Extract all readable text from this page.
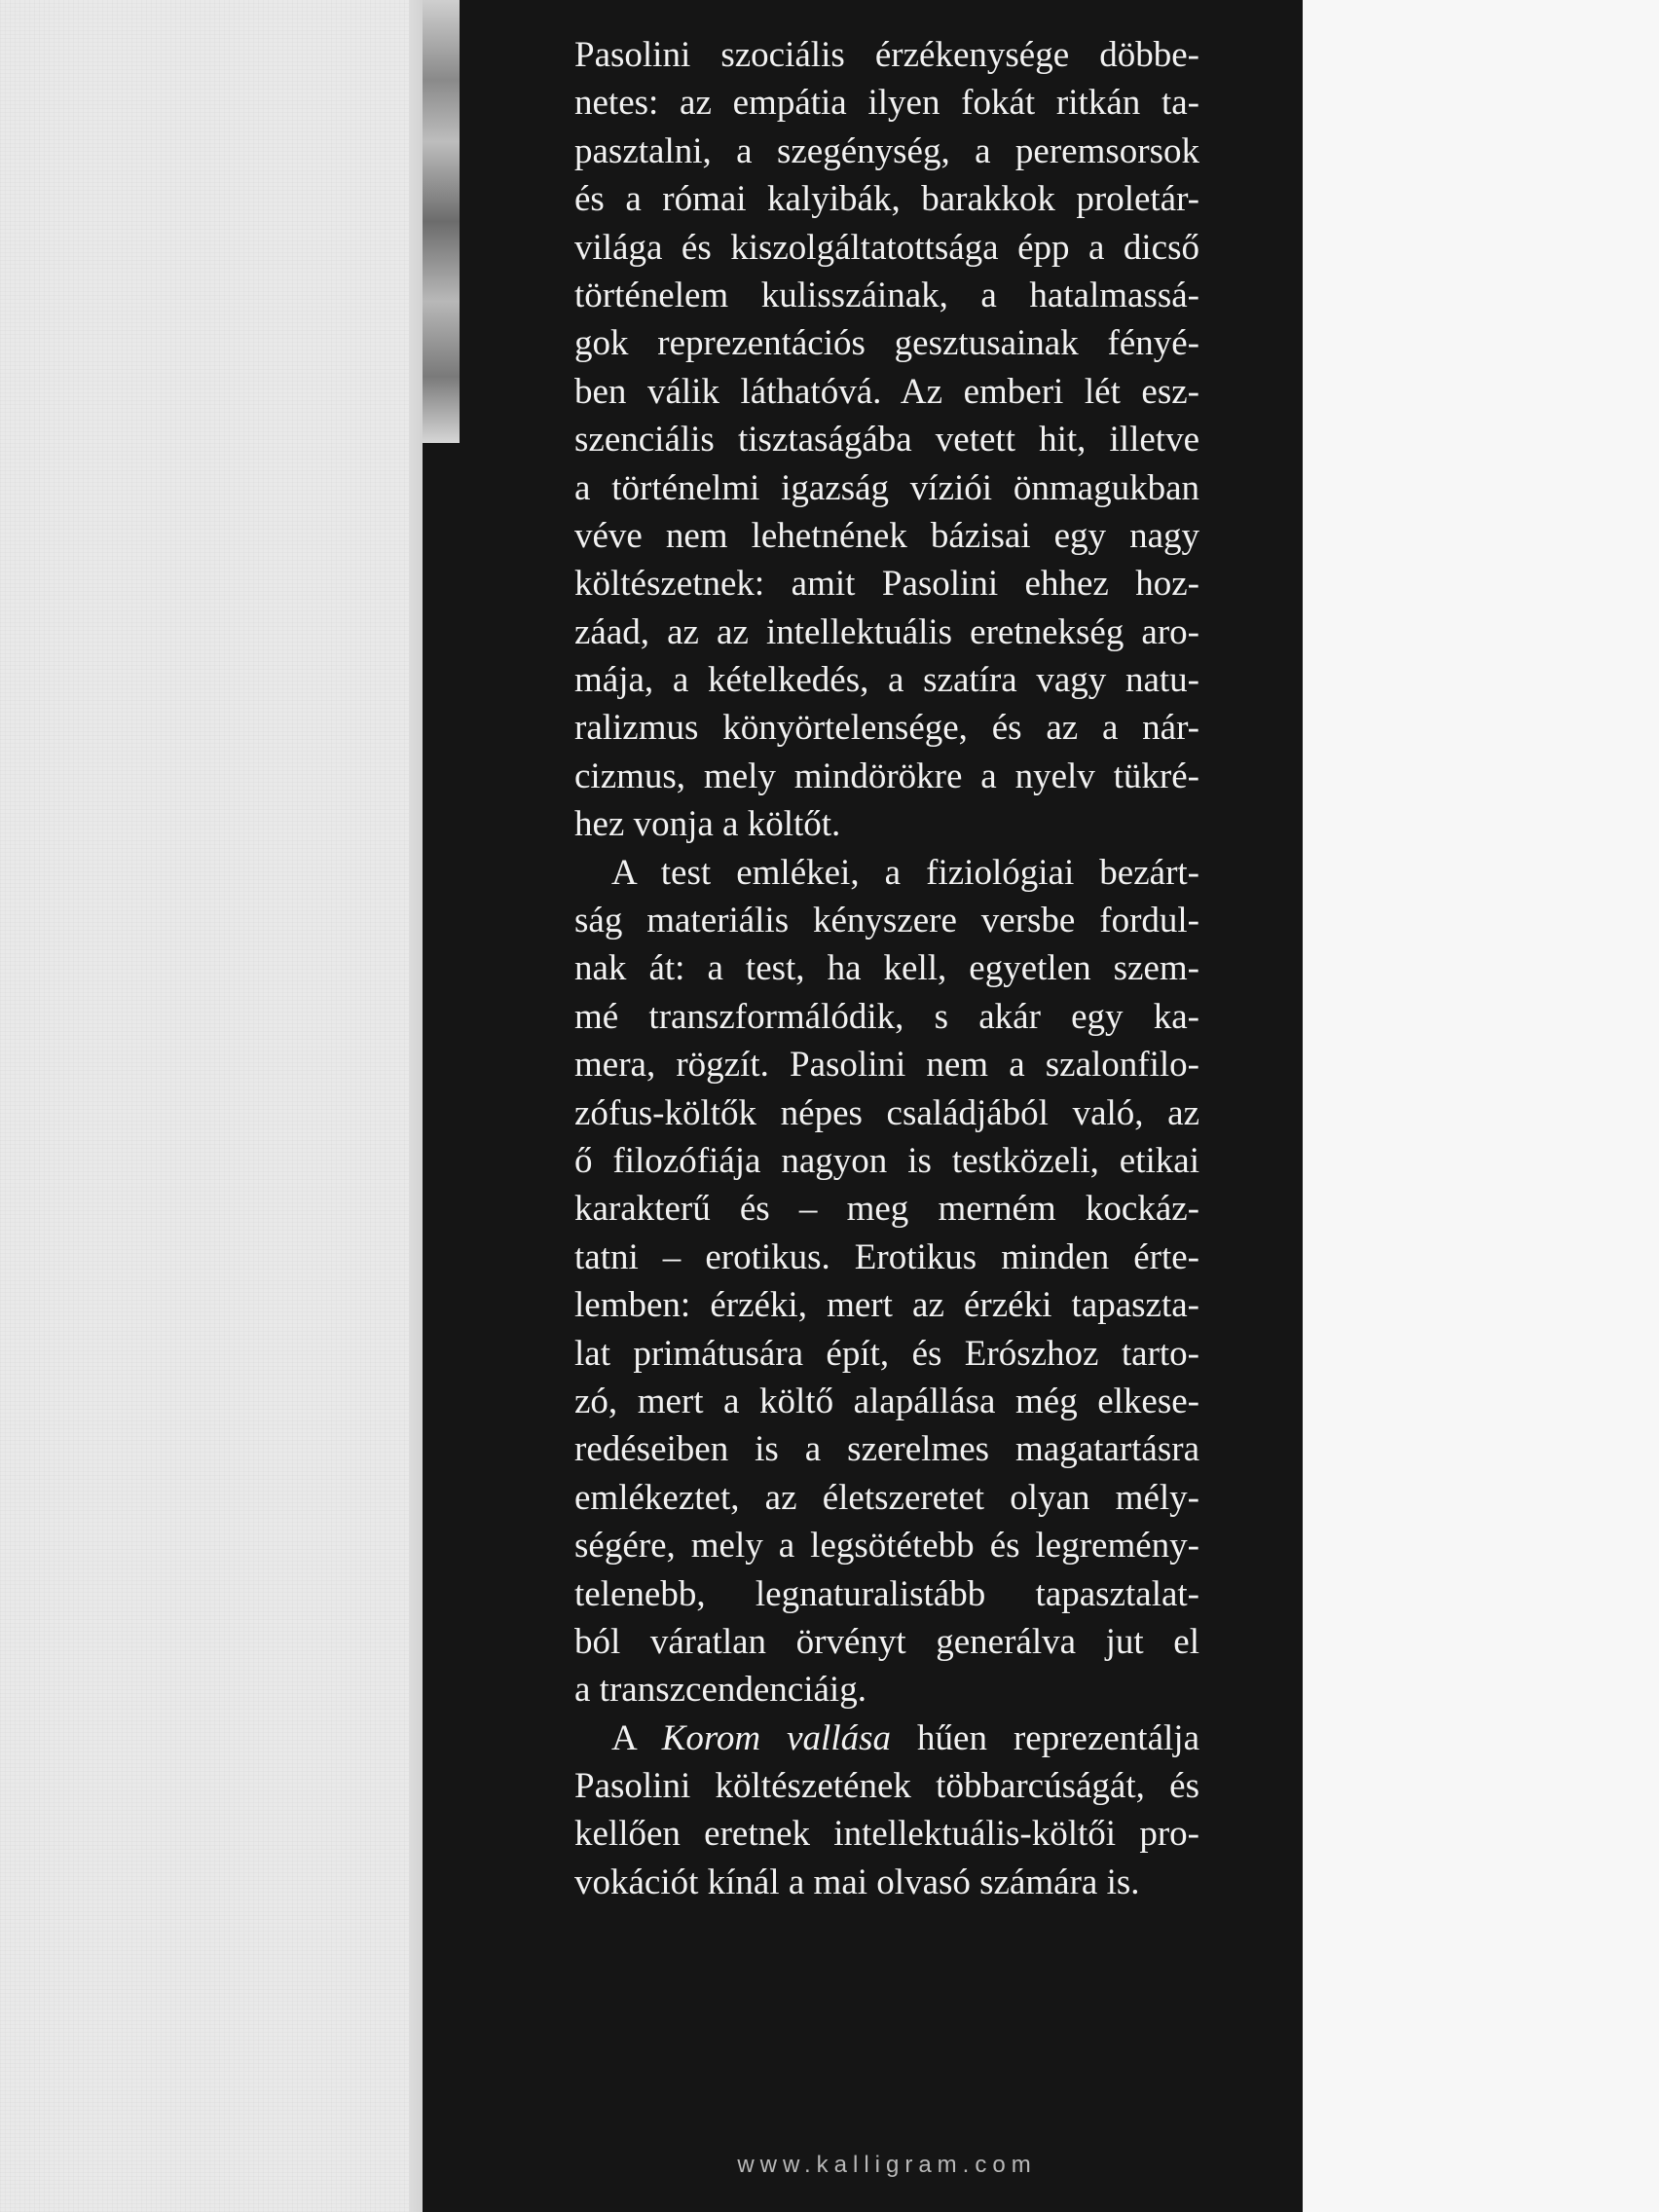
Pasolini szociális érzékenysége döbbe-
netes: az empátia ilyen fokát ritkán ta-
pasztalni, a szegénység, a peremsorsok
és a római kalyibák, barakkok proletár-
világa és kiszolgáltatottsága épp a dicső
történelem kulisszáinak, a hatalmassá-
gok reprezentációs gesztusainak fényé-
ben válik láthatóvá. Az emberi lét esz-
szenciális tisztaságába vetett hit, illetve
a történelmi igazság víziói önmagukban
véve nem lehetnének bázisai egy nagy
költészetnek: amit Pasolini ehhez hoz-
záad, az az intellektuális eretnekség aro-
mája, a kételkedés, a szatíra vagy natu-
ralizmus könyörtelensége, és az a nár-
cizmus, mely mindörökre a nyelv tükré-
hez vonja a költőt.
A test emlékei, a fiziológiai bezárt-
ság materiális kényszere versbe fordul-
nak át: a test, ha kell, egyetlen szem-
mé transzformálódik, s akár egy ka-
mera, rögzít. Pasolini nem a szalonfilo-
zófus-költők népes családjából való, az
ő filozófiája nagyon is testközeli, etikai
karakterű és – meg merném kockáz-
tatni – erotikus. Erotikus minden érte-
lemben: érzéki, mert az érzéki tapaszta-
lat primátusára épít, és Erószhoz tarto-
zó, mert a költő alapállása még elkese-
redéseiben is a szerelmes magatartásra
emlékeztet, az életszeretet olyan mély-
ségére, mely a legsötétebb és legremény-
telenebb, legnaturalistább tapasztalat-
ból váratlan örvényt generálva jut el
a transzcendenciáig.
A Korom vallása hűen reprezentálja
Pasolini költészetének többarcúságát, és
kellően eretnek intellektuális-költői pro-
vokációt kínál a mai olvasó számára is.
www.kalligram.com
